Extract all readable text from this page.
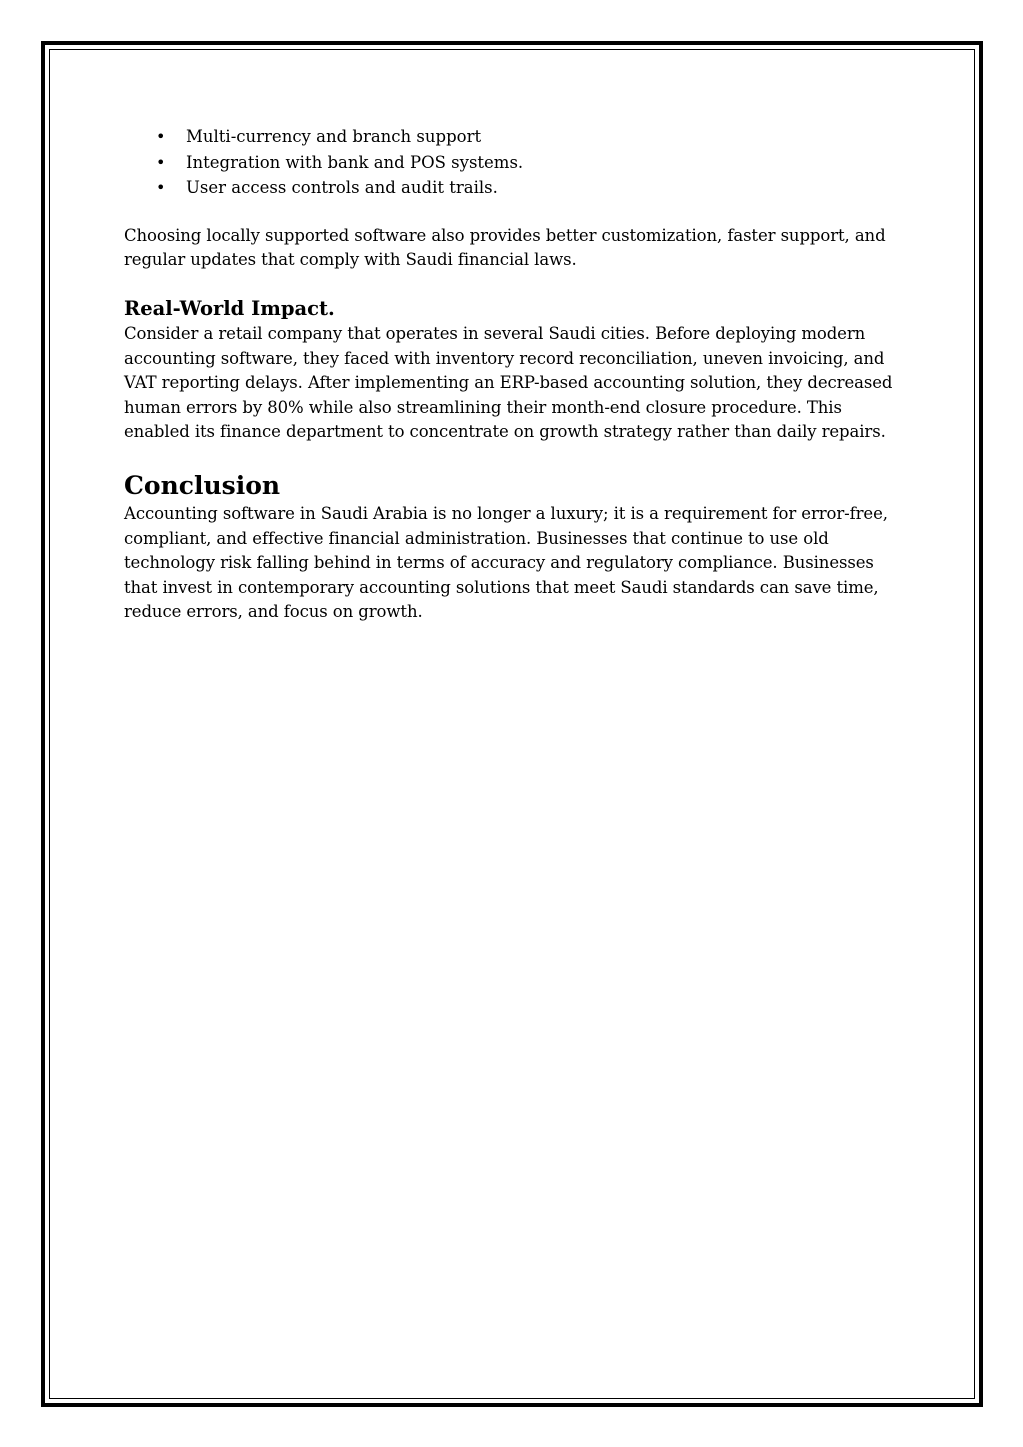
• Multi-currency and branch support
• Integration with bank and POS systems.
• User access controls and audit trails.

Choosing locally supported software also provides better customization, faster support, and regular updates that comply with Saudi financial laws.

Real-World Impact.

Consider a retail company that operates in several Saudi cities. Before deploying modern accounting software, they faced with inventory record reconciliation, uneven invoicing, and VAT reporting delays. After implementing an ERP-based accounting solution, they decreased human errors by 80% while also streamlining their month-end closure procedure. This enabled its finance department to concentrate on growth strategy rather than daily repairs.

Conclusion

Accounting software in Saudi Arabia is no longer a luxury; it is a requirement for error-free, compliant, and effective financial administration. Businesses that continue to use old technology risk falling behind in terms of accuracy and regulatory compliance. Businesses that invest in contemporary accounting solutions that meet Saudi standards can save time, reduce errors, and focus on growth.
